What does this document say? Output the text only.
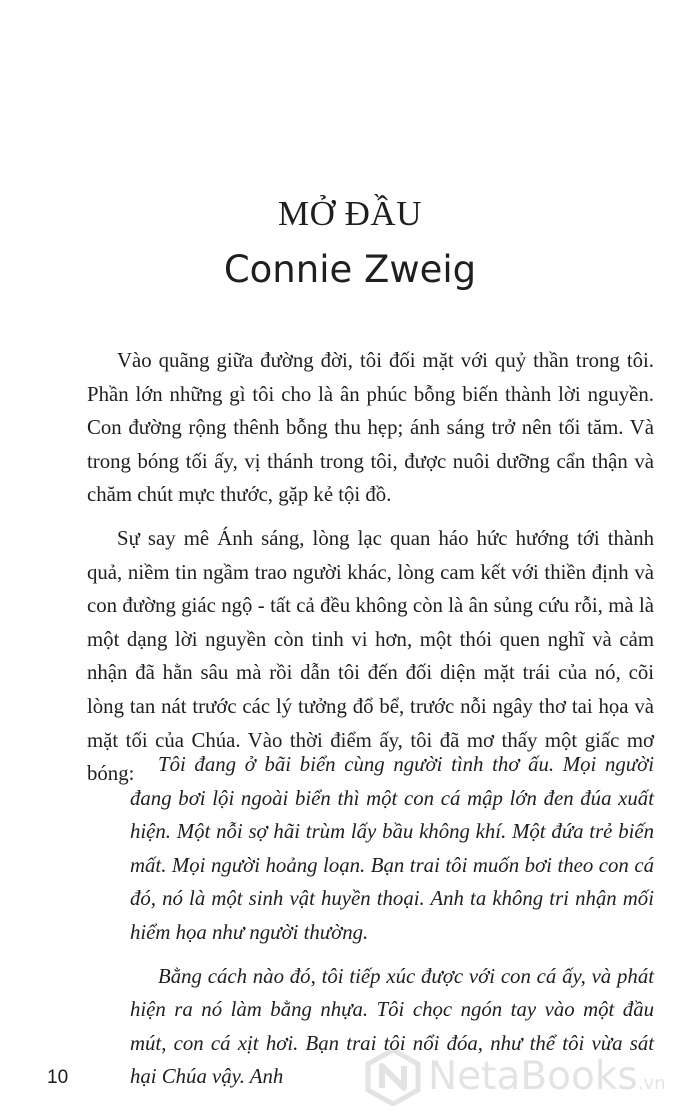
MỞ ĐẦU
Connie Zweig

Vào quãng giữa đường đời, tôi đối mặt với quỷ thần trong tôi. Phần lớn những gì tôi cho là ân phúc bỗng biến thành lời nguyền. Con đường rộng thênh bỗng thu hẹp; ánh sáng trở nên tối tăm. Và trong bóng tối ấy, vị thánh trong tôi, được nuôi dưỡng cẩn thận và chăm chút mực thước, gặp kẻ tội đồ.

Sự say mê Ánh sáng, lòng lạc quan háo hức hướng tới thành quả, niềm tin ngầm trao người khác, lòng cam kết với thiền định và con đường giác ngộ - tất cả đều không còn là ân sủng cứu rỗi, mà là một dạng lời nguyền còn tinh vi hơn, một thói quen nghĩ và cảm nhận đã hằn sâu mà rồi dẫn tôi đến đối diện mặt trái của nó, cõi lòng tan nát trước các lý tưởng đổ bể, trước nỗi ngây thơ tai họa và mặt tối của Chúa. Vào thời điểm ấy, tôi đã mơ thấy một giấc mơ bóng:	Tôi đang ở bãi biển cùng người tình thơ ấu. Mọi người đang bơi lội ngoài biển thì một con cá mập lớn đen đúa xuất hiện. Một nỗi sợ hãi trùm lấy bầu không khí. Một đứa trẻ biến mất. Mọi người hoảng loạn. Bạn trai tôi muốn bơi theo con cá đó, nó là một sinh vật huyền thoại. Anh ta không tri nhận mối hiểm họa như người thường.

Bằng cách nào đó, tôi tiếp xúc được với con cá ấy, và phát hiện ra nó làm bằng nhựa. Tôi chọc ngón tay vào một đầu mút, con cá xịt hơi. Bạn trai tôi nổi đóa, như thể tôi vừa sát hại Chúa vậy. Anh

10	NetaBooks.vn
